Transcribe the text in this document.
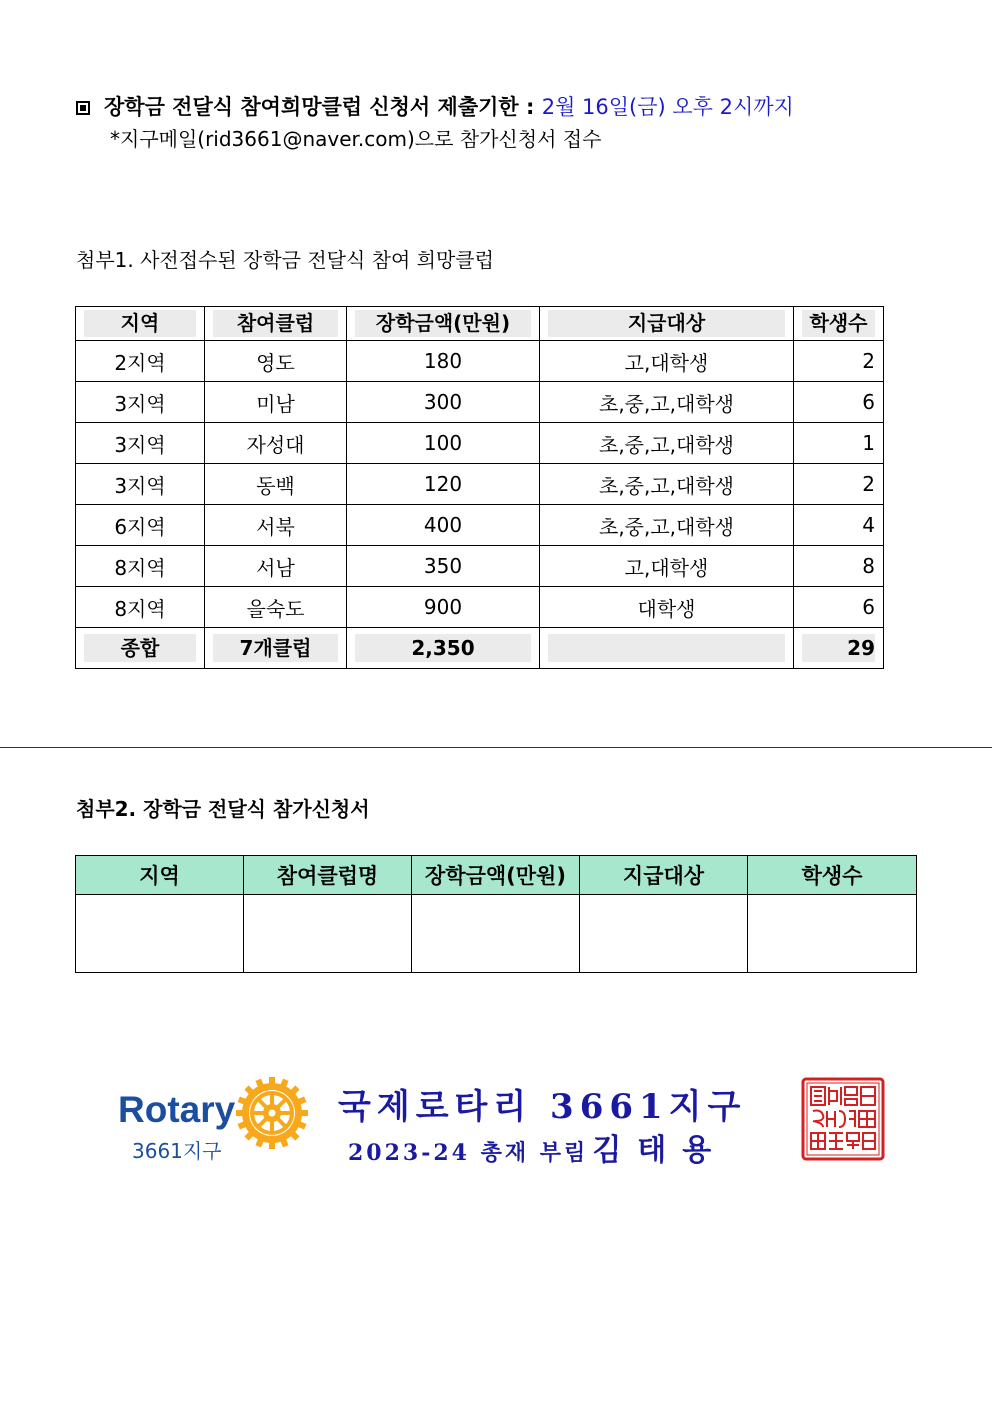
장학금 전달식 참여희망클럽 신청서 제출기한 : 2월 16일(금) 오후 2시까지
*지구메일(rid3661@naver.com)으로 참가신청서 접수
첨부1. 사전접수된 장학금 전달식 참여 희망클럽
지역	참여클럽	장학금액(만원)	지급대상	학생수

2지역	영도	180	고,대학생	2
3지역	미남	300	초,중,고,대학생	6
3지역	자성대	100	초,중,고,대학생	1
3지역	동백	120	초,중,고,대학생	2
6지역	서북	400	초,중,고,대학생	4
8지역	서남	350	고,대학생	8
8지역	을숙도	900	대학생	6

종합	7개클럽	2,350		29
첨부2. 장학금 전달식 참가신청서
지역	참여클럽명	장학금액(만원)	지급대상	학생수

Rotary
3661지구
국제로타리 3661지구
2023-24 총재 부림 김태용
